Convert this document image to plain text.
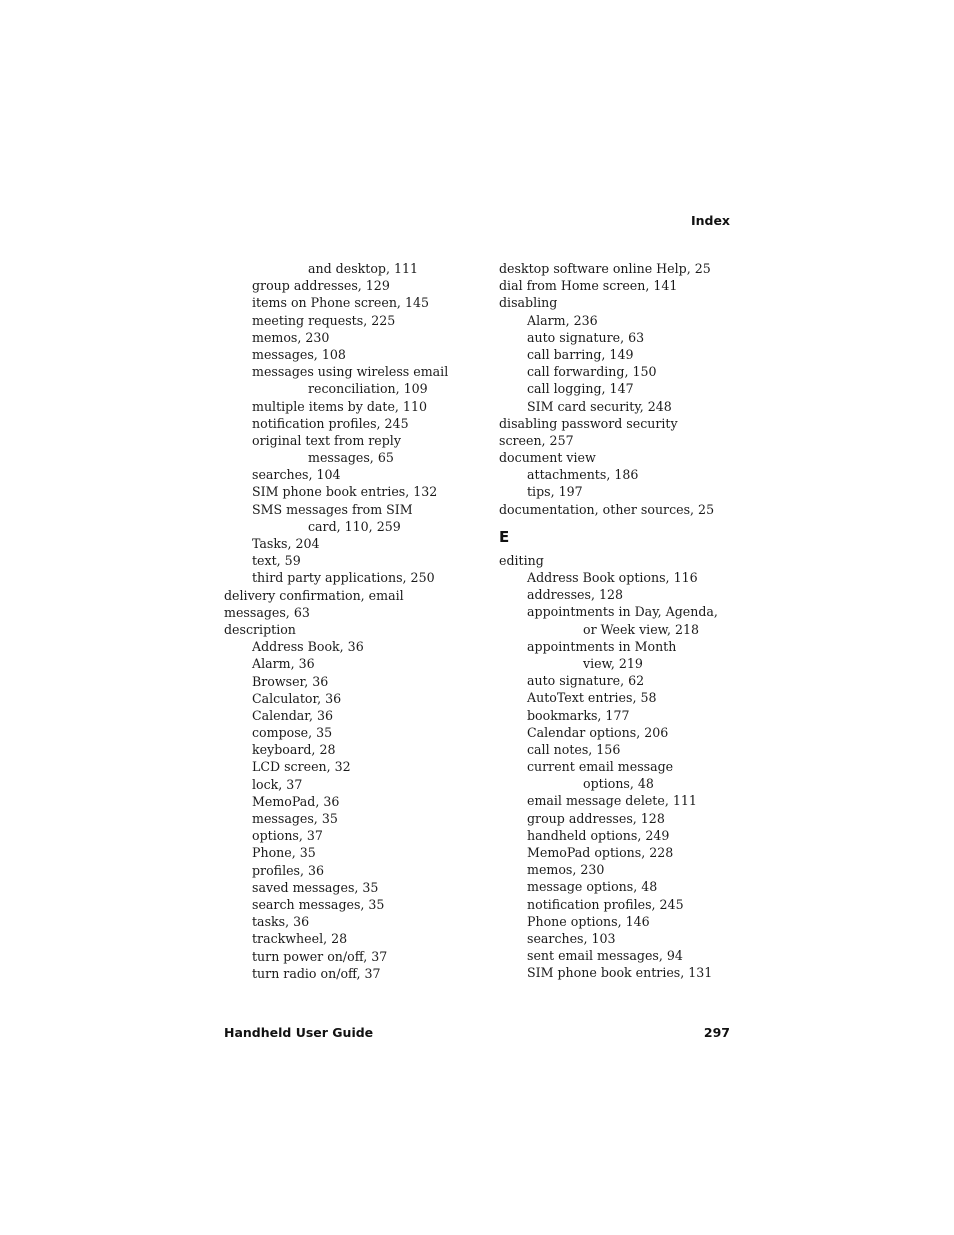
Index
and desktop, 111
group addresses, 129
items on Phone screen, 145
meeting requests, 225
memos, 230
messages, 108
messages using wireless email
reconciliation, 109
multiple items by date, 110
notification profiles, 245
original text from reply
messages, 65
searches, 104
SIM phone book entries, 132
SMS messages from SIM
card, 110, 259
Tasks, 204
text, 59
third party applications, 250
delivery confirmation, email
messages, 63
description
Address Book, 36
Alarm, 36
Browser, 36
Calculator, 36
Calendar, 36
compose, 35
keyboard, 28
LCD screen, 32
lock, 37
MemoPad, 36
messages, 35
options, 37
Phone, 35
profiles, 36
saved messages, 35
search messages, 35
tasks, 36
trackwheel, 28
turn power on/off, 37
turn radio on/off, 37
desktop software online Help, 25
dial from Home screen, 141
disabling
Alarm, 236
auto signature, 63
call barring, 149
call forwarding, 150
call logging, 147
SIM card security, 248
disabling password security
screen, 257
document view
attachments, 186
tips, 197
documentation, other sources, 25
E
editing
Address Book options, 116
addresses, 128
appointments in Day, Agenda,
or Week view, 218
appointments in Month
view, 219
auto signature, 62
AutoText entries, 58
bookmarks, 177
Calendar options, 206
call notes, 156
current email message
options, 48
email message delete, 111
group addresses, 128
handheld options, 249
MemoPad options, 228
memos, 230
message options, 48
notification profiles, 245
Phone options, 146
searches, 103
sent email messages, 94
SIM phone book entries, 131
Handheld User Guide	297
